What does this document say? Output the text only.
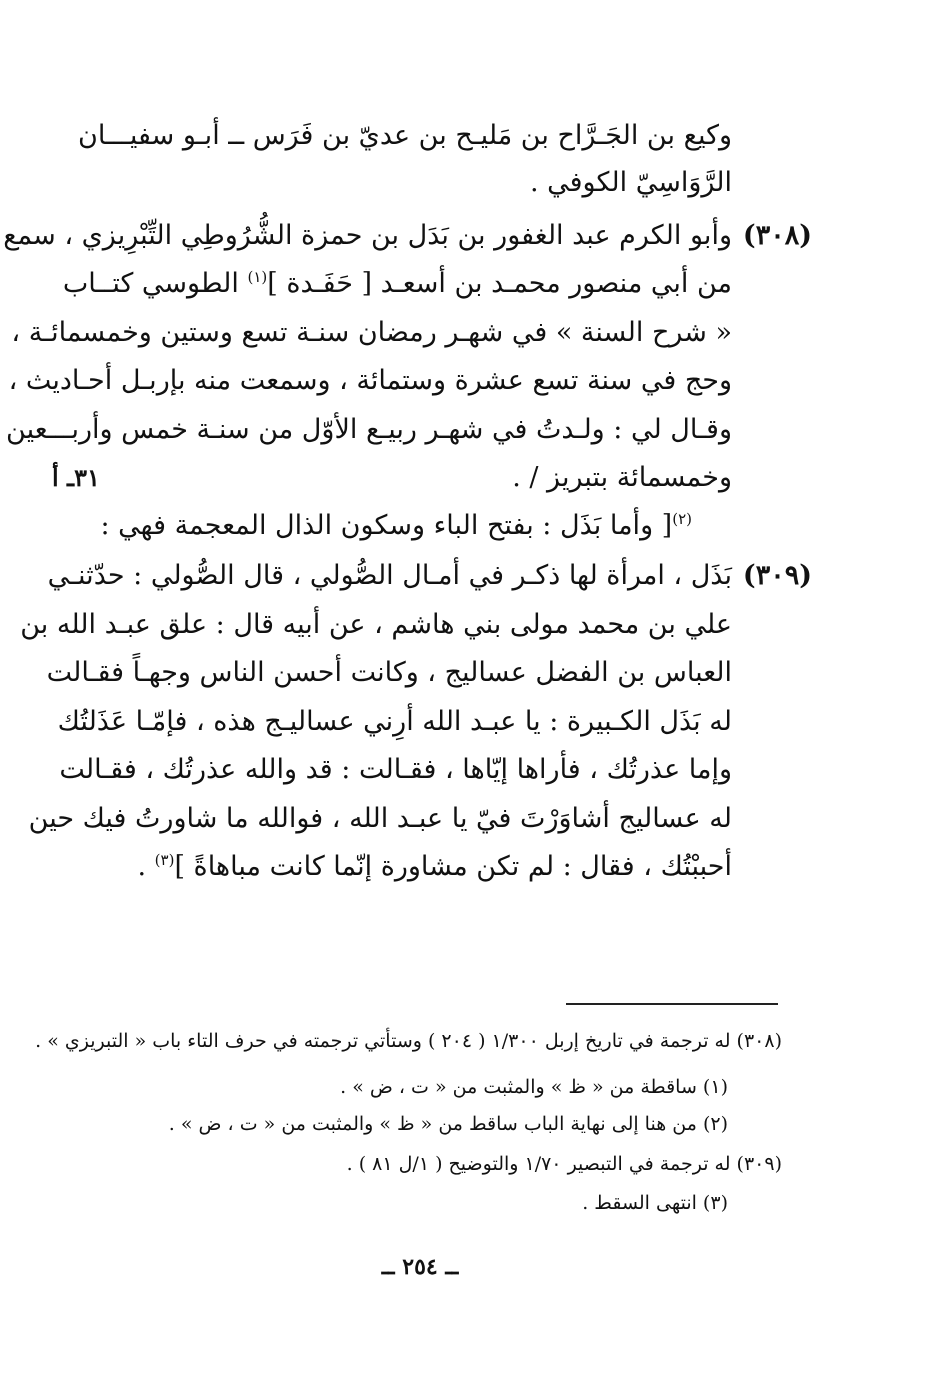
وكيع بن الجَـرَّاح بن مَليـح بن عديّ بن فَرَس ــ أبـو سفيـــان
الرَّوَاسِيّ الكوفي .
(٣٠٨)
وأبو الكرم عبد الغفور بن بَدَل بن حمزة الشُّرُوطِي التِّبْرِيزي ، سمع
من أبي منصور محمـد بن أسعـد [ حَفَـدة ]$^{(١)}$ الطوسي كتــاب
« شرح السنة » في شهـر رمضان سنـة تسع وستين وخمسمائـة ،
وحج في سنة تسع عشرة وستمائة ، وسمعت منه بإربـل أحـاديث ،
وقـال لي : ولـدتُ في شهـر ربيـع الأوّل من سنـة خمس وأربـــعين
وخمسمائة بتبريز / .
٣١ـ أ
$^{(٢)}$[ وأما بَذَل : بفتح الباء وسكون الذال المعجمة فهي :
(٣٠٩)
بَذَل ، امرأة لها ذكـر في أمـال الصُّولي ، قال الصُّولي : حدّثنـي
علي بن محمد مولى بني هاشم ، عن أبيه قال : علق عبـد الله بن
العباس بن الفضل عساليج ، وكانت أحسن الناس وجهـاً فقـالت
له بَذَل الكـبيرة : يا عبـد الله أرِني عساليـج هذه ، فإمّـا عَذَلتُك
وإما عذرتُك ، فأراها إيّاها ، فقـالت : قد والله عذرتُك ، فقـالت
له عساليج أشاوَرْتَ فيّ يا عبـد الله ، فوالله ما شاورتُ فيك حين
أحببْتُك ، فقال : لم تكن مشاورة إنّما كانت مباهاةً ]$^{(٣)}$ .
(٣٠٨) له ترجمة في تاريخ إربل ١/٣٠٠ ( ٢٠٤ ) وستأتي ترجمته في حرف التاء باب « التبريزي » .
(١) ساقطة من « ظ » والمثبت من « ت ، ض » .
(٢) من هنا إلى نهاية الباب ساقط من « ظ » والمثبت من « ت ، ض » .
(٣٠٩) له ترجمة في التبصير ١/٧٠ والتوضيح ( ١/ل ٨١ ) .
(٣) انتهى السقط .
ــ ٢٥٤ ــ
